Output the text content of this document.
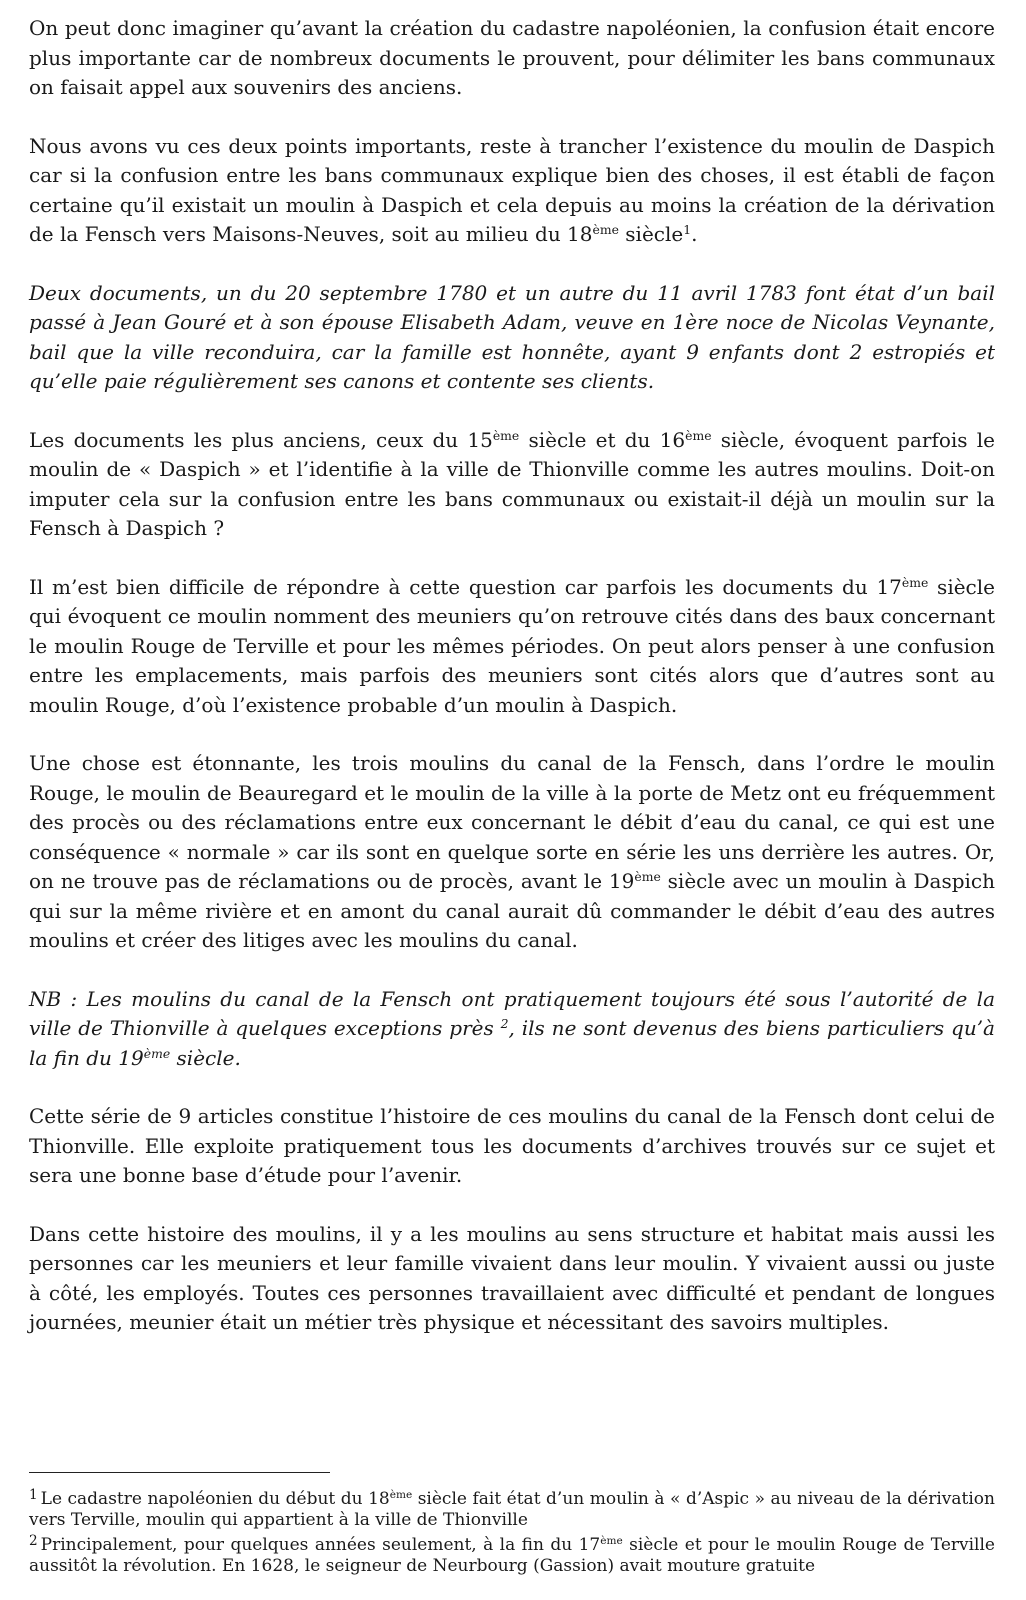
On peut donc imaginer qu’avant la création du cadastre napoléonien, la confusion était encore plus importante car de nombreux documents le prouvent, pour délimiter les bans communaux on faisait appel aux souvenirs des anciens.

Nous avons vu ces deux points importants, reste à trancher l’existence du moulin de Daspich car si la confusion entre les bans communaux explique bien des choses, il est établi de façon certaine qu’il existait un moulin à Daspich et cela depuis au moins la création de la dérivation de la Fensch vers Maisons-Neuves, soit au milieu du 18ème siècle$^1$.

Deux documents, un du 20 septembre 1780 et un autre du 11 avril 1783 font état d’un bail passé à Jean Gouré et à son épouse Elisabeth Adam, veuve en 1ère noce de Nicolas Veynante, bail que la ville reconduira, car la famille est honnête, ayant 9 enfants dont 2 estropiés et qu’elle paie régulièrement ses canons et contente ses clients.

Les documents les plus anciens, ceux du 15ème siècle et du 16ème siècle, évoquent parfois le moulin de « Daspich » et l’identifie à la ville de Thionville comme les autres moulins. Doit-on imputer cela sur la confusion entre les bans communaux ou existait-il déjà un moulin sur la Fensch à Daspich ?

Il m’est bien difficile de répondre à cette question car parfois les documents du 17ème siècle qui évoquent ce moulin nomment des meuniers qu’on retrouve cités dans des baux concernant le moulin Rouge de Terville et pour les mêmes périodes. On peut alors penser à une confusion entre les emplacements, mais parfois des meuniers sont cités alors que d’autres sont au moulin Rouge, d’où l’existence probable d’un moulin à Daspich.

Une chose est étonnante, les trois moulins du canal de la Fensch, dans l’ordre le moulin Rouge, le moulin de Beauregard et le moulin de la ville à la porte de Metz ont eu fréquemment des procès ou des réclamations entre eux concernant le débit d’eau du canal, ce qui est une conséquence « normale » car ils sont en quelque sorte en série les uns derrière les autres. Or, on ne trouve pas de réclamations ou de procès, avant le 19ème siècle avec un moulin à Daspich qui sur la même rivière et en amont du canal aurait dû commander le débit d’eau des autres moulins et créer des litiges avec les moulins du canal.

NB : Les moulins du canal de la Fensch ont pratiquement toujours été sous l’autorité de la ville de Thionville à quelques exceptions près $^2$, ils ne sont devenus des biens particuliers qu’à la fin du 19ème siècle.

Cette série de 9 articles constitue l’histoire de ces moulins du canal de la Fensch dont celui de Thionville. Elle exploite pratiquement tous les documents d’archives trouvés sur ce sujet et sera une bonne base d’étude pour l’avenir.

Dans cette histoire des moulins, il y a les moulins au sens structure et habitat mais aussi les personnes car les meuniers et leur famille vivaient dans leur moulin. Y vivaient aussi ou juste à côté, les employés. Toutes ces personnes travaillaient avec difficulté et pendant de longues journées, meunier était un métier très physique et nécessitant des savoirs multiples.

$^1$ Le cadastre napoléonien du début du 18ème siècle fait état d’un moulin à « d’Aspic » au niveau de la dérivation vers Terville, moulin qui appartient à la ville de Thionville

$^2$ Principalement, pour quelques années seulement, à la fin du 17ème siècle et pour le moulin Rouge de Terville aussitôt la révolution. En 1628, le seigneur de Neurbourg (Gassion) avait mouture gratuite
